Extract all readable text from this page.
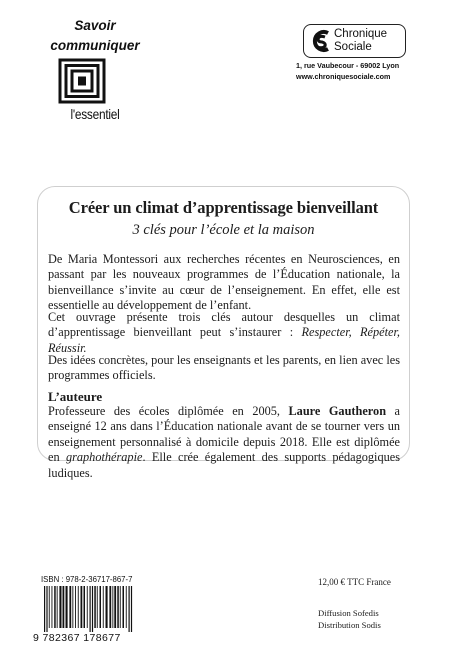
Savoir
communiquer
l'essentiel
Chronique
Sociale
1, rue Vaubecour - 69002 Lyon
www.chroniquesociale.com
Créer un climat d’apprentissage bienveillant
3 clés pour l’école et la maison

De Maria Montessori aux recherches récentes en Neurosciences, en passant par les nouveaux programmes de l’Éducation nationale, la bienveillance s’invite au cœur de l’enseignement. En effet, elle est essentielle au développement de l’enfant.

Cet ouvrage présente trois clés autour desquelles un climat d’apprentissage bienveillant peut s’instaurer : Respecter, Répéter, Réussir.

Des idées concrètes, pour les enseignants et les parents, en lien avec les programmes officiels.

L’auteure

Professeure des écoles diplômée en 2005, Laure Gautheron a enseigné 12 ans dans l’Éducation nationale avant de se tourner vers un enseignement personnalisé à domicile depuis 2018. Elle est diplômée en graphothérapie. Elle crée également des supports pédagogiques ludiques.

ISBN : 978-2-36717-867-7
9 782367 178677
12,00 € TTC France
Diffusion Sofedis
Distribution Sodis
